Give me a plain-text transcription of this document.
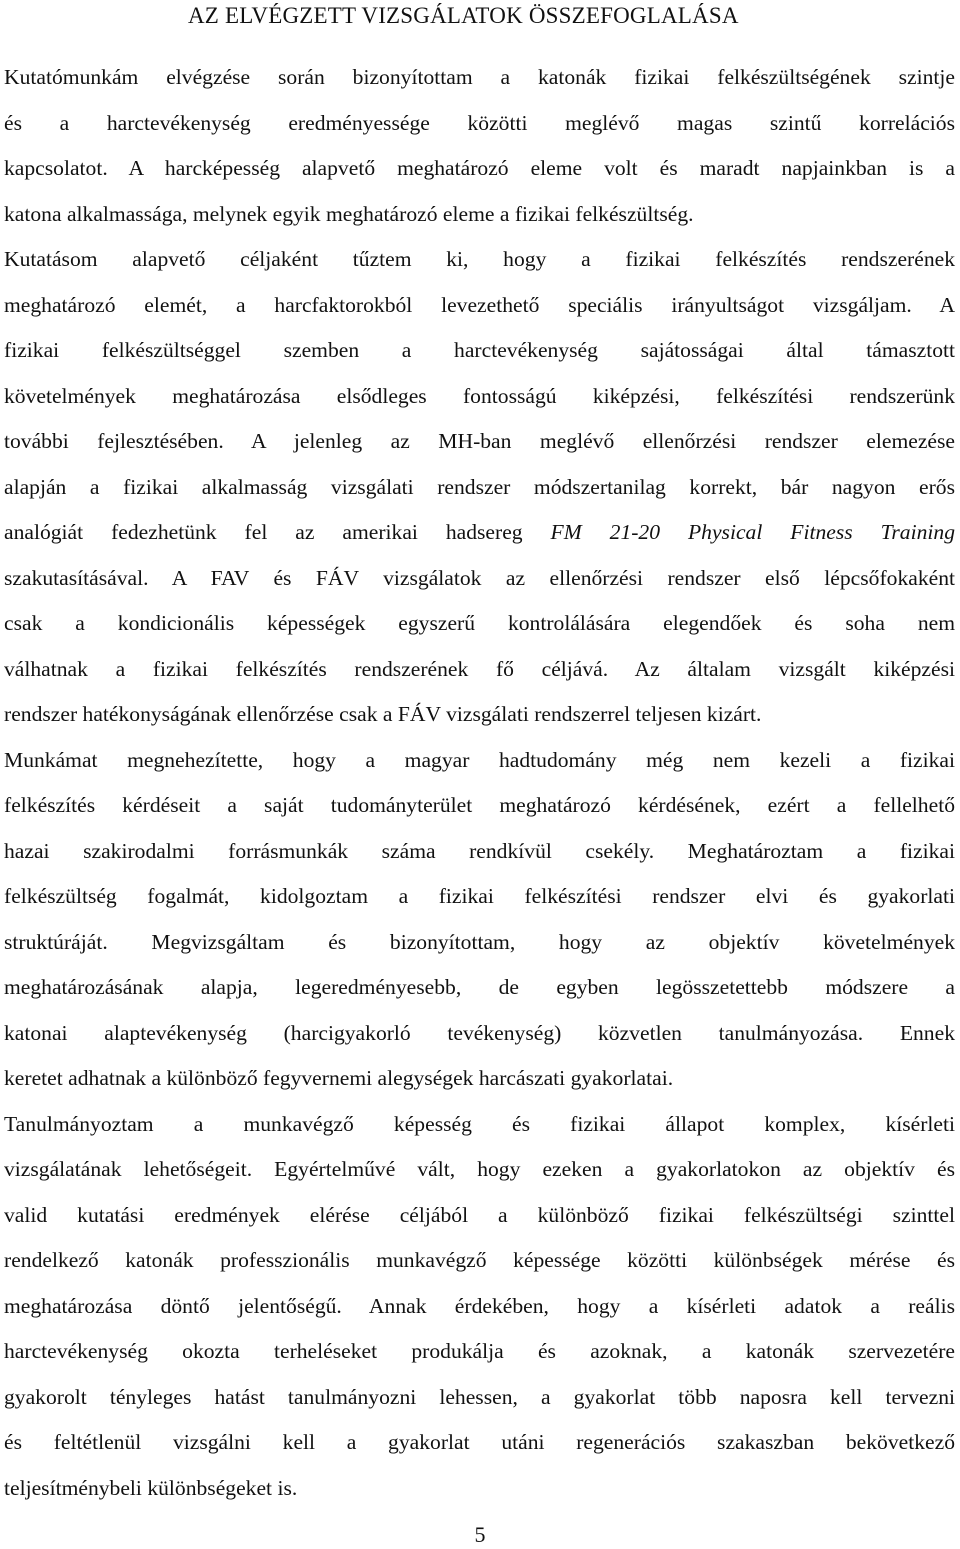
AZ ELVÉGZETT VIZSGÁLATOK ÖSSZEFOGLALÁSA
Kutatómunkám elvégzése során bizonyítottam a katonák fizikai felkészültségének szintje
és a harctevékenység eredményessége közötti meglévő magas szintű korrelációs
kapcsolatot. A harcképesség alapvető meghatározó eleme volt és maradt napjainkban is a
katona alkalmassága, melynek egyik meghatározó eleme a fizikai felkészültség.
Kutatásom alapvető céljaként tűztem ki, hogy a fizikai felkészítés rendszerének
meghatározó elemét, a harcfaktorokból levezethető speciális irányultságot vizsgáljam. A
fizikai felkészültséggel szemben a harctevékenység sajátosságai által támasztott
követelmények meghatározása elsődleges fontosságú kiképzési, felkészítési rendszerünk
további fejlesztésében. A jelenleg az MH-ban meglévő ellenőrzési rendszer elemezése
alapján a fizikai alkalmasság vizsgálati rendszer módszertanilag korrekt, bár nagyon erős
analógiát fedezhetünk fel az amerikai hadsereg FM 21-20 Physical Fitness Training
szakutasításával. A FAV és FÁV vizsgálatok az ellenőrzési rendszer első lépcsőfokaként
csak a kondicionális képességek egyszerű kontrolálására elegendőek és soha nem
válhatnak a fizikai felkészítés rendszerének fő céljává. Az általam vizsgált kiképzési
rendszer hatékonyságának ellenőrzése csak a FÁV vizsgálati rendszerrel teljesen kizárt.
Munkámat megnehezítette, hogy a magyar hadtudomány még nem kezeli a fizikai
felkészítés kérdéseit a saját tudományterület meghatározó kérdésének, ezért a fellelhető
hazai szakirodalmi forrásmunkák száma rendkívül csekély. Meghatároztam a fizikai
felkészültség fogalmát, kidolgoztam a fizikai felkészítési rendszer elvi és gyakorlati
struktúráját. Megvizsgáltam és bizonyítottam, hogy az objektív követelmények
meghatározásának alapja, legeredményesebb, de egyben legösszetettebb módszere a
katonai alaptevékenység (harcigyakorló tevékenység) közvetlen tanulmányozása. Ennek
keretet adhatnak a különböző fegyvernemi alegységek harcászati gyakorlatai.
Tanulmányoztam a munkavégző képesség és fizikai állapot komplex, kísérleti
vizsgálatának lehetőségeit. Egyértelművé vált, hogy ezeken a gyakorlatokon az objektív és
valid kutatási eredmények elérése céljából a különböző fizikai felkészültségi szinttel
rendelkező katonák professzionális munkavégző képessége közötti különbségek mérése és
meghatározása döntő jelentőségű. Annak érdekében, hogy a kísérleti adatok a reális
harctevékenység okozta terheléseket produkálja és azoknak, a katonák szervezetére
gyakorolt tényleges hatást tanulmányozni lehessen, a gyakorlat több naposra kell tervezni
és feltétlenül vizsgálni kell a gyakorlat utáni regenerációs szakaszban bekövetkező
teljesítménybeli különbségeket is.
5
